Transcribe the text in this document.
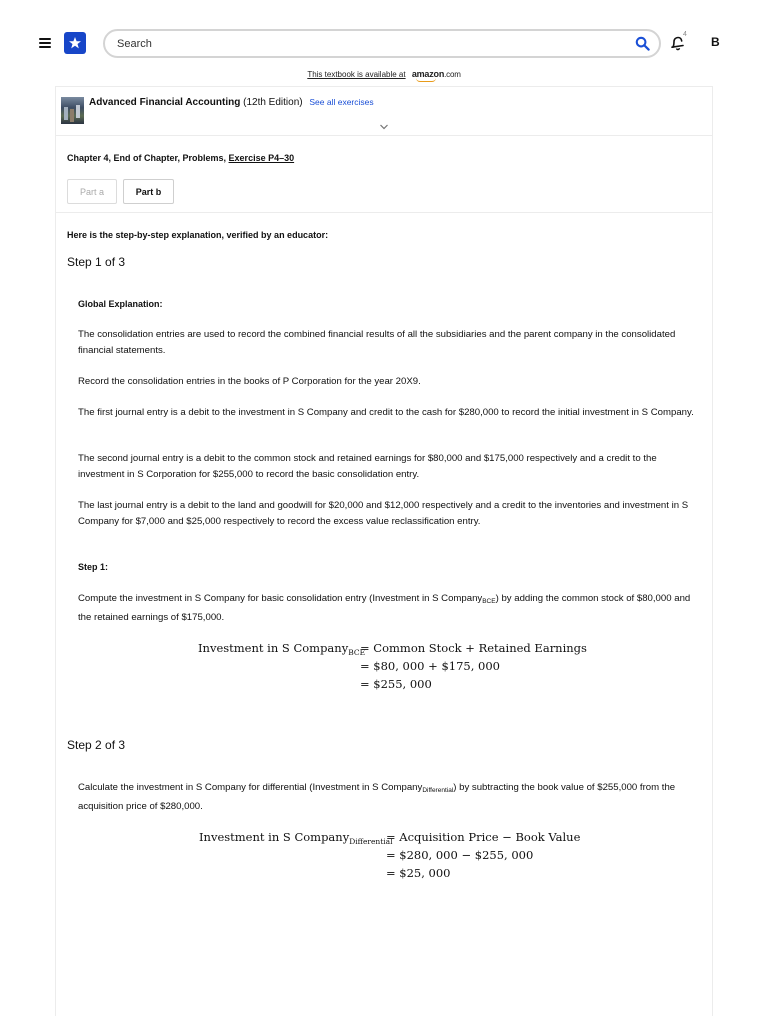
Search
4
B
This textbook is available at amazon.com
Advanced Financial Accounting (12th Edition) See all exercises
Chapter 4, End of Chapter, Problems, Exercise P4–30
Part a	Part b
Here is the step-by-step explanation, verified by an educator:
Step 1 of 3
Global Explanation:
The consolidation entries are used to record the combined financial results of all the subsidiaries and the parent company in the consolidated financial statements.
Record the consolidation entries in the books of P Corporation for the year 20X9.
The first journal entry is a debit to the investment in S Company and credit to the cash for $280,000 to record the initial investment in S Company.
The second journal entry is a debit to the common stock and retained earnings for $80,000 and $175,000 respectively and a credit to the investment in S Corporation for $255,000 to record the basic consolidation entry.
The last journal entry is a debit to the land and goodwill for $20,000 and $12,000 respectively and a credit to the inventories and investment in S Company for $7,000 and $25,000 respectively to record the excess value reclassification entry.
Step 1:
Compute the investment in S Company for basic consolidation entry (Investment in S Company$_{BCE}$) by adding the common stock of $80,000 and the retained earnings of $175,000.
Investment in S Company$_{BCE}$
= Common Stock + Retained Earnings
= $80, 000 + $175, 000
= $255, 000
Step 2 of 3
Calculate the investment in S Company for differential (Investment in S Company$_{Differential}$) by subtracting the book value of $255,000 from the acquisition price of $280,000.
Investment in S Company$_{Differential}$
= Acquisition Price − Book Value
= $280, 000 − $255, 000
= $25, 000
